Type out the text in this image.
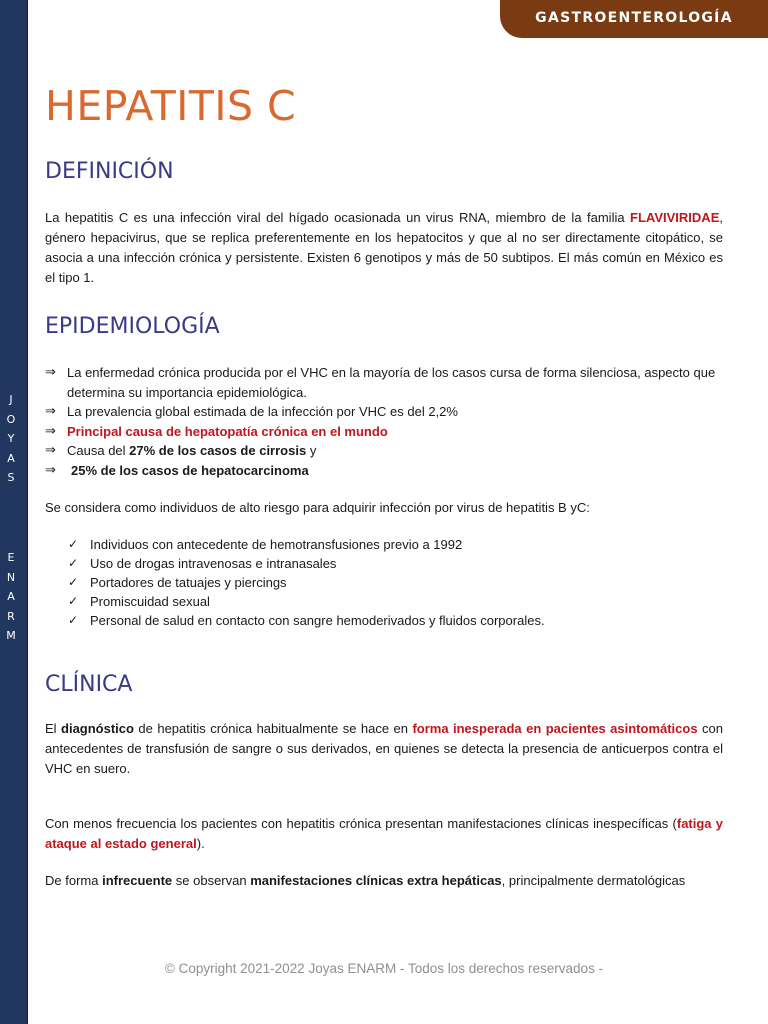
J
O
Y
A
S
E
N
A
R
M
GASTROENTEROLOGÍA
HEPATITIS C
DEFINICIÓN

La hepatitis C es una infección viral del hígado ocasionada un virus RNA, miembro de la familia FLAVIVIRIDAE, género hepacivirus, que se replica preferentemente en los hepatocitos y que al no ser directamente citopático, se asocia a una infección crónica y persistente. Existen 6 genotipos y más de 50 subtipos. El más común en México es el tipo 1.

EPIDEMIOLOGÍA
⇒ La enfermedad crónica producida por el VHC en la mayoría de los casos cursa de forma silenciosa, aspecto que determina su importancia epidemiológica.
⇒ La prevalencia global estimada de la infección por VHC es del 2,2%
⇒ Principal causa de hepatopatía crónica en el mundo
⇒ Causa del 27% de los casos de cirrosis y
⇒ 25% de los casos de hepatocarcinoma

Se considera como individuos de alto riesgo para adquirir infección por virus de hepatitis B yC:

✓ Individuos con antecedente de hemotransfusiones previo a 1992
✓ Uso de drogas intravenosas e intranasales
✓ Portadores de tatuajes y piercings
✓ Promiscuidad sexual
✓ Personal de salud en contacto con sangre hemoderivados y fluidos corporales.
CLÍNICA

El diagnóstico de hepatitis crónica habitualmente se hace en forma inesperada en pacientes asintomáticos con antecedentes de transfusión de sangre o sus derivados, en quienes se detecta la presencia de anticuerpos contra el VHC en suero.

Con menos frecuencia los pacientes con hepatitis crónica presentan manifestaciones clínicas inespecíficas (fatiga y ataque al estado general).

De forma infrecuente se observan manifestaciones clínicas extra hepáticas, principalmente dermatológicas

© Copyright 2021-2022 Joyas ENARM - Todos los derechos reservados -
